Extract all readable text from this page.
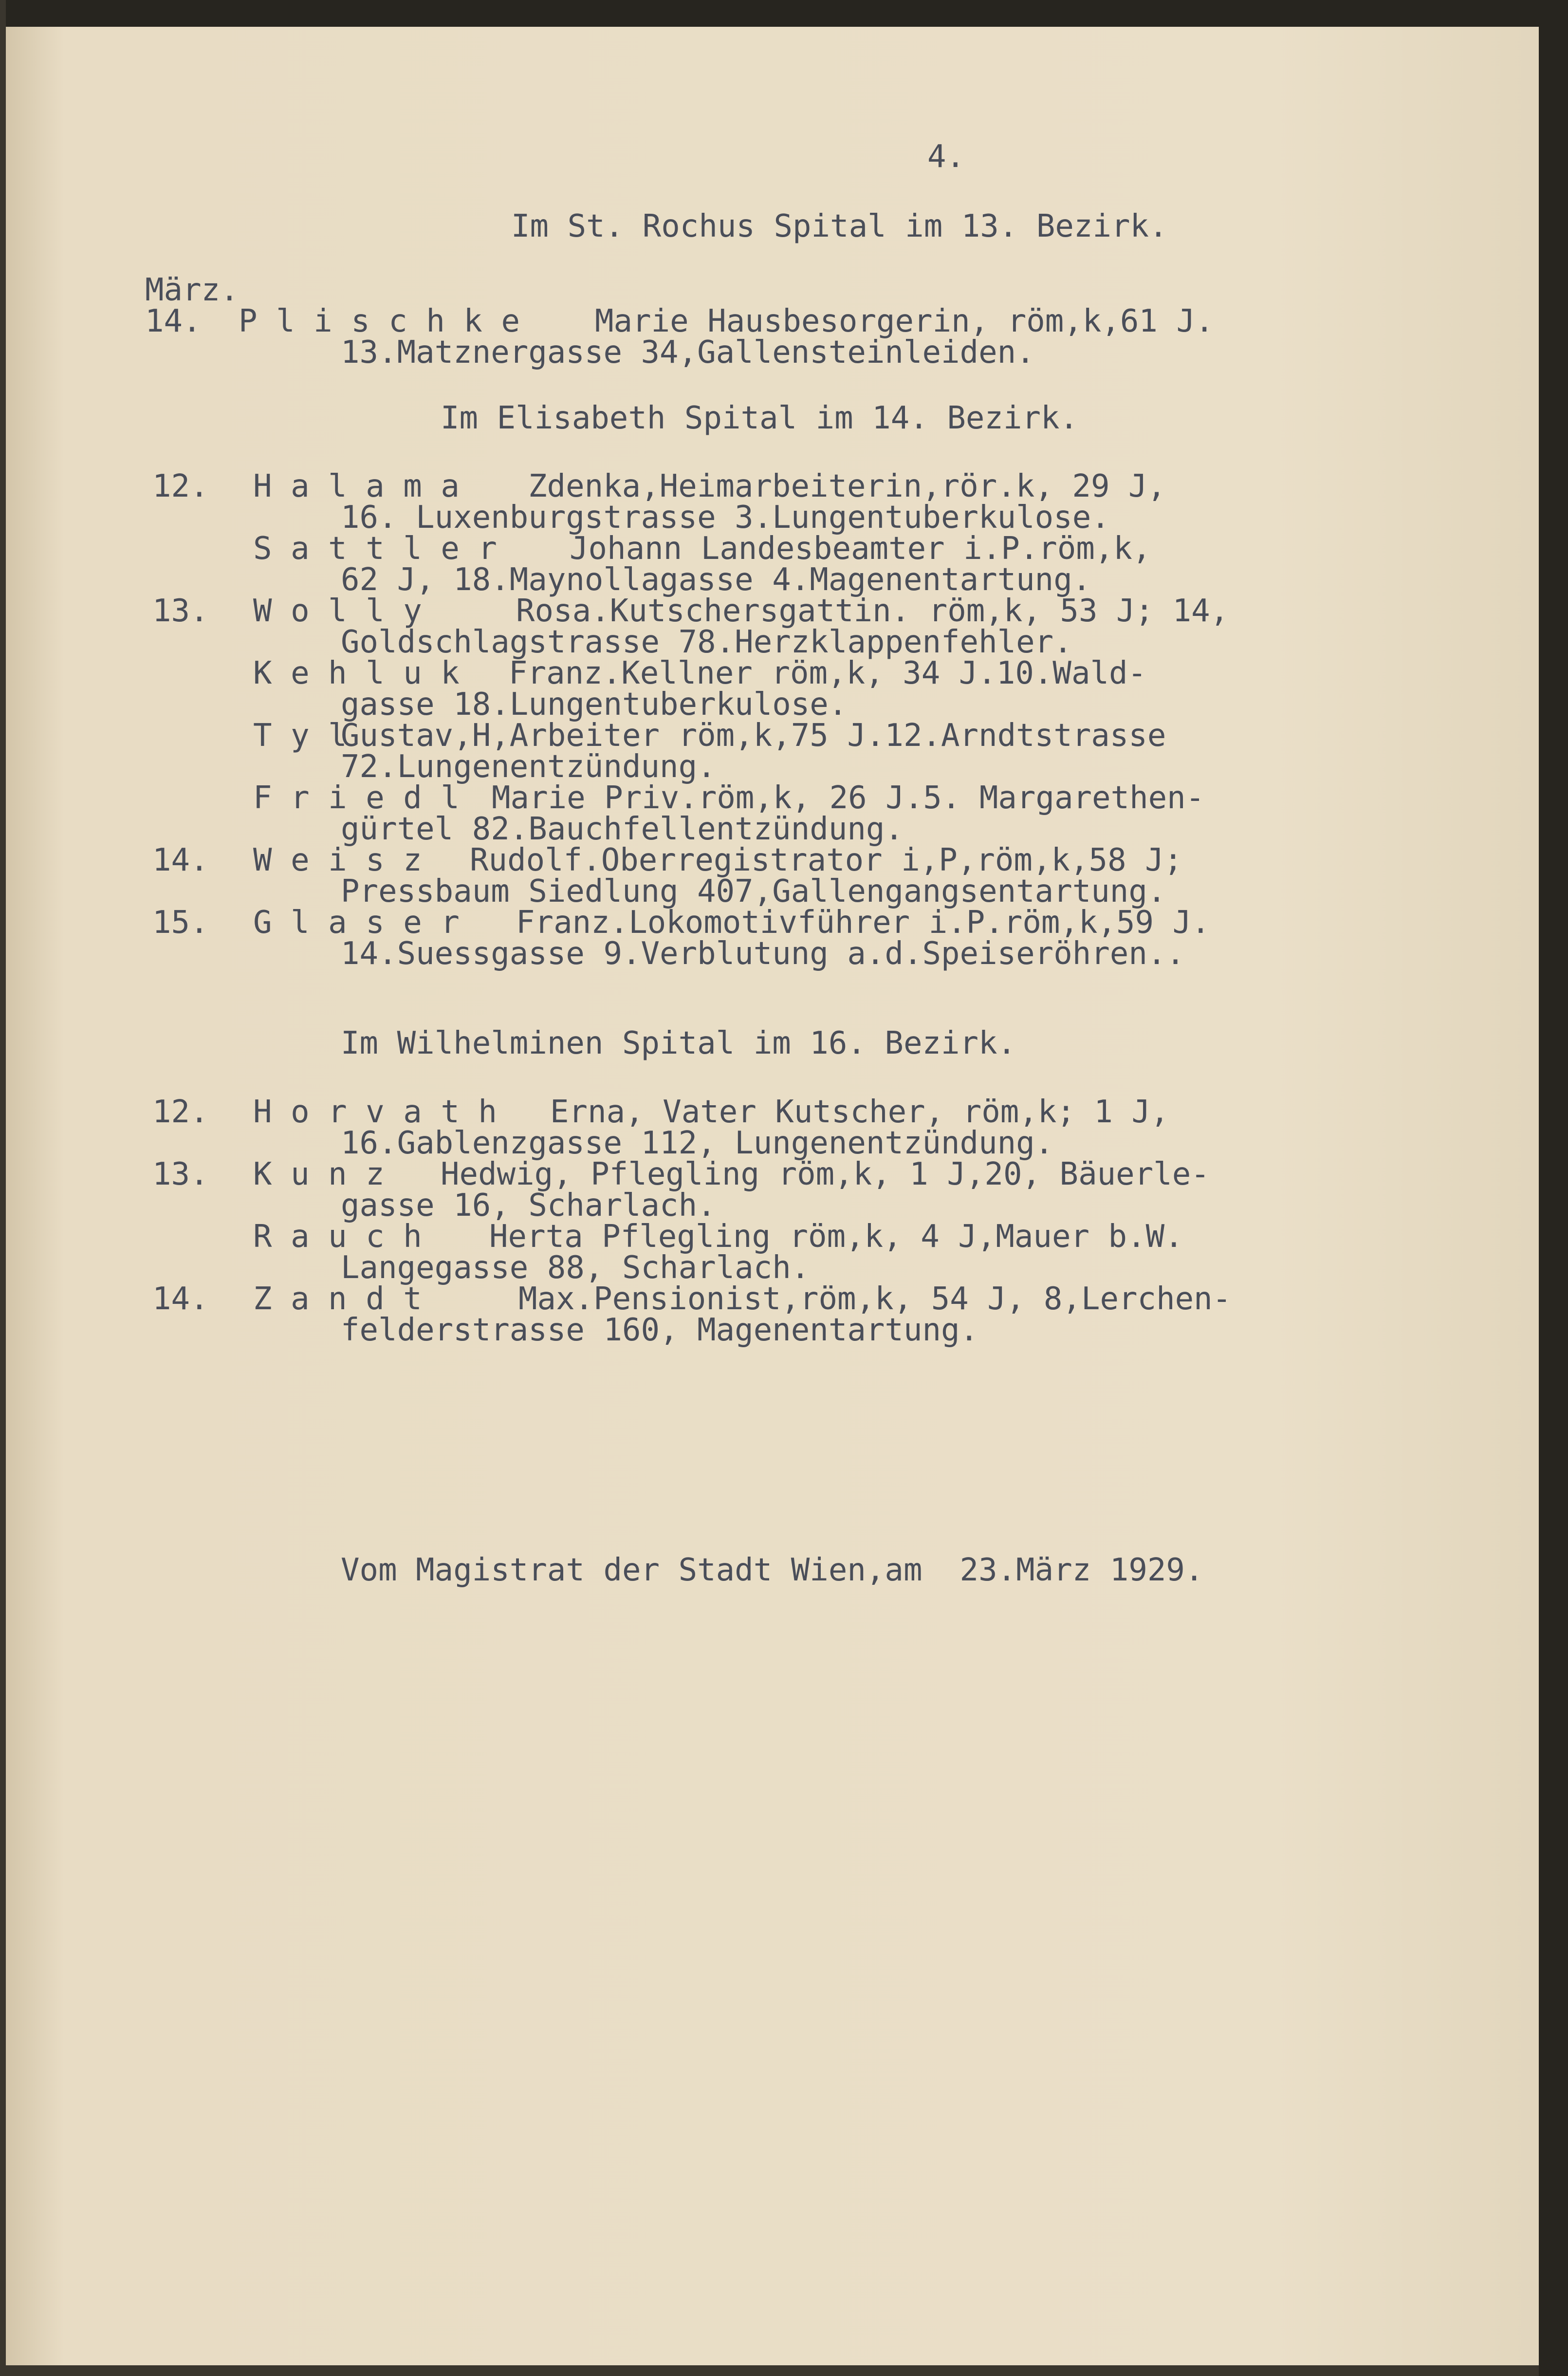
4.
Im St. Rochus Spital im 13. Bezirk.
März.
14. P l i s c h k e Marie Hausbesorgerin, röm,k,61 J.
13.Matznergasse 34,Gallensteinleiden.
Im Elisabeth Spital im 14. Bezirk.
12. H a l a m a Zdenka,Heimarbeiterin,rör.k, 29 J,
16. Luxenburgstrasse 3.Lungentuberkulose.
S a t t l e r Johann Landesbeamter i.P.röm,k,
62 J, 18.Maynollagasse 4.Magenentartung.
13. W o l l y	Rosa.Kutschersgattin. röm,k, 53 J; 14,
Goldschlagstrasse 78.Herzklappenfehler.
K e h l u k Franz.Kellner röm,k, 34 J.10.Wald-
gasse 18.Lungentuberkulose.
T y l
Gustav,H,Arbeiter röm,k,75 J.12.Arndtstrasse
72.Lungenentzündung.
F r i e d l Marie Priv.röm,k, 26 J.5. Margarethen-
gürtel 82.Bauchfellentzündung.
14. W e i s z Rudolf.Oberregistrator i,P,röm,k,58 J;
Pressbaum Siedlung 407,Gallengangsentartung.
15. G l a s e r Franz.Lokomotivführer i.P.röm,k,59 J.
14.Suessgasse 9.Verblutung a.d.Speiseröhren..
Im Wilhelminen Spital im 16. Bezirk.
12. H o r v a t h Erna, Vater Kutscher, röm,k; 1 J,
16.Gablenzgasse 112, Lungenentzündung.
13. K u n z Hedwig, Pflegling röm,k, 1 J,20, Bäuerle-
gasse 16, Scharlach.
R a u c h Herta Pflegling röm,k, 4 J,Mauer b.W.
Langegasse 88, Scharlach.
14. Z a n d t	Max.Pensionist,röm,k, 54 J, 8,Lerchen-
felderstrasse 160, Magenentartung.
Vom Magistrat der Stadt Wien,am  23.März 1929.
